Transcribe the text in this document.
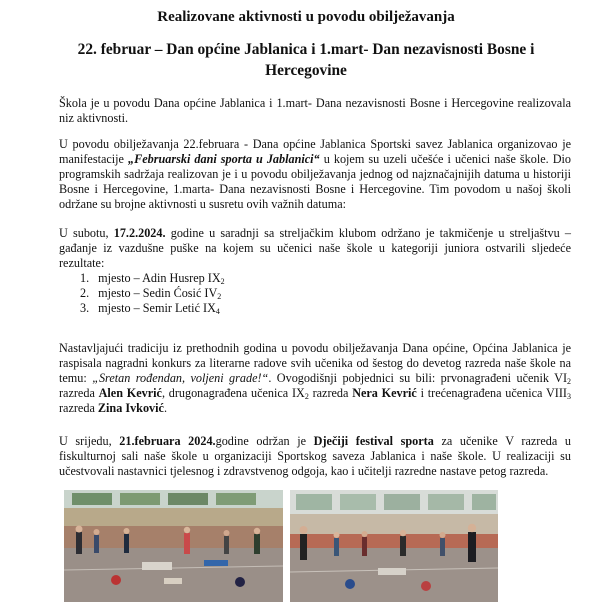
Realizovane aktivnosti u povodu obilježavanja
22. februar – Dan općine Jablanica i 1.mart- Dan nezavisnosti Bosne i
Hercegovine

Škola je u povodu Dana općine Jablanica i 1.mart- Dana nezavisnosti Bosne i Hercegovine realizovala niz aktivnosti.

U povodu obilježavanja 22.februara - Dana općine Jablanica Sportski savez Jablanica organizovao je manifestacije „Februarski dani sporta u Jablanici“ u kojem su uzeli učešće i učenici naše škole. Dio programskih sadržaja realizovan je i u povodu obilježavanja jednog od najznačajnijih datuma u historiji Bosne i Hercegovine, 1.marta- Dana nezavisnosti Bosne i Hercegovine. Tim povodom u našoj školi održane su brojne aktivnosti u susretu ovih važnih datuma:

U subotu, 17.2.2024. godine u saradnji sa streljačkim klubom održano je takmičenje u streljaštvu – gađanje iz vazdušne puške na kojem su učenici naše škole u kategoriji juniora ostvarili sljedeće rezultate:

1. mjesto – Adin Husrep $IX_2$
2. mjesto – Sedin Ćosić $IV_2$
3. mjesto – Semir Letić $IX_4$

Nastavljajući tradiciju iz prethodnih godina u povodu obilježavanja Dana općine, Općina Jablanica je raspisala nagradni konkurs za literarne radove svih učenika od šestog do devetog razreda naše škole na temu: „Sretan rođendan, voljeni grade!“. Ovogodišnji pobjednici su bili: prvonagrađeni učenik $VI_2$ razreda Alen Kevrić, drugonagrađena učenica $IX_2$ razreda Nera Kevrić i trećenagrađena učenica $VIII_3$ razreda Zina Ivković.

U srijedu, 21.februara 2024.godine održan je Dječiji festival sporta za učenike V razreda u fiskulturnoj sali naše škole u organizaciji Sportskog saveza Jablanica i naše škole. U realizaciji su učestvovali nastavnici tjelesnog i zdravstvenog odgoja, kao i učitelji razredne nastave petog razreda.
